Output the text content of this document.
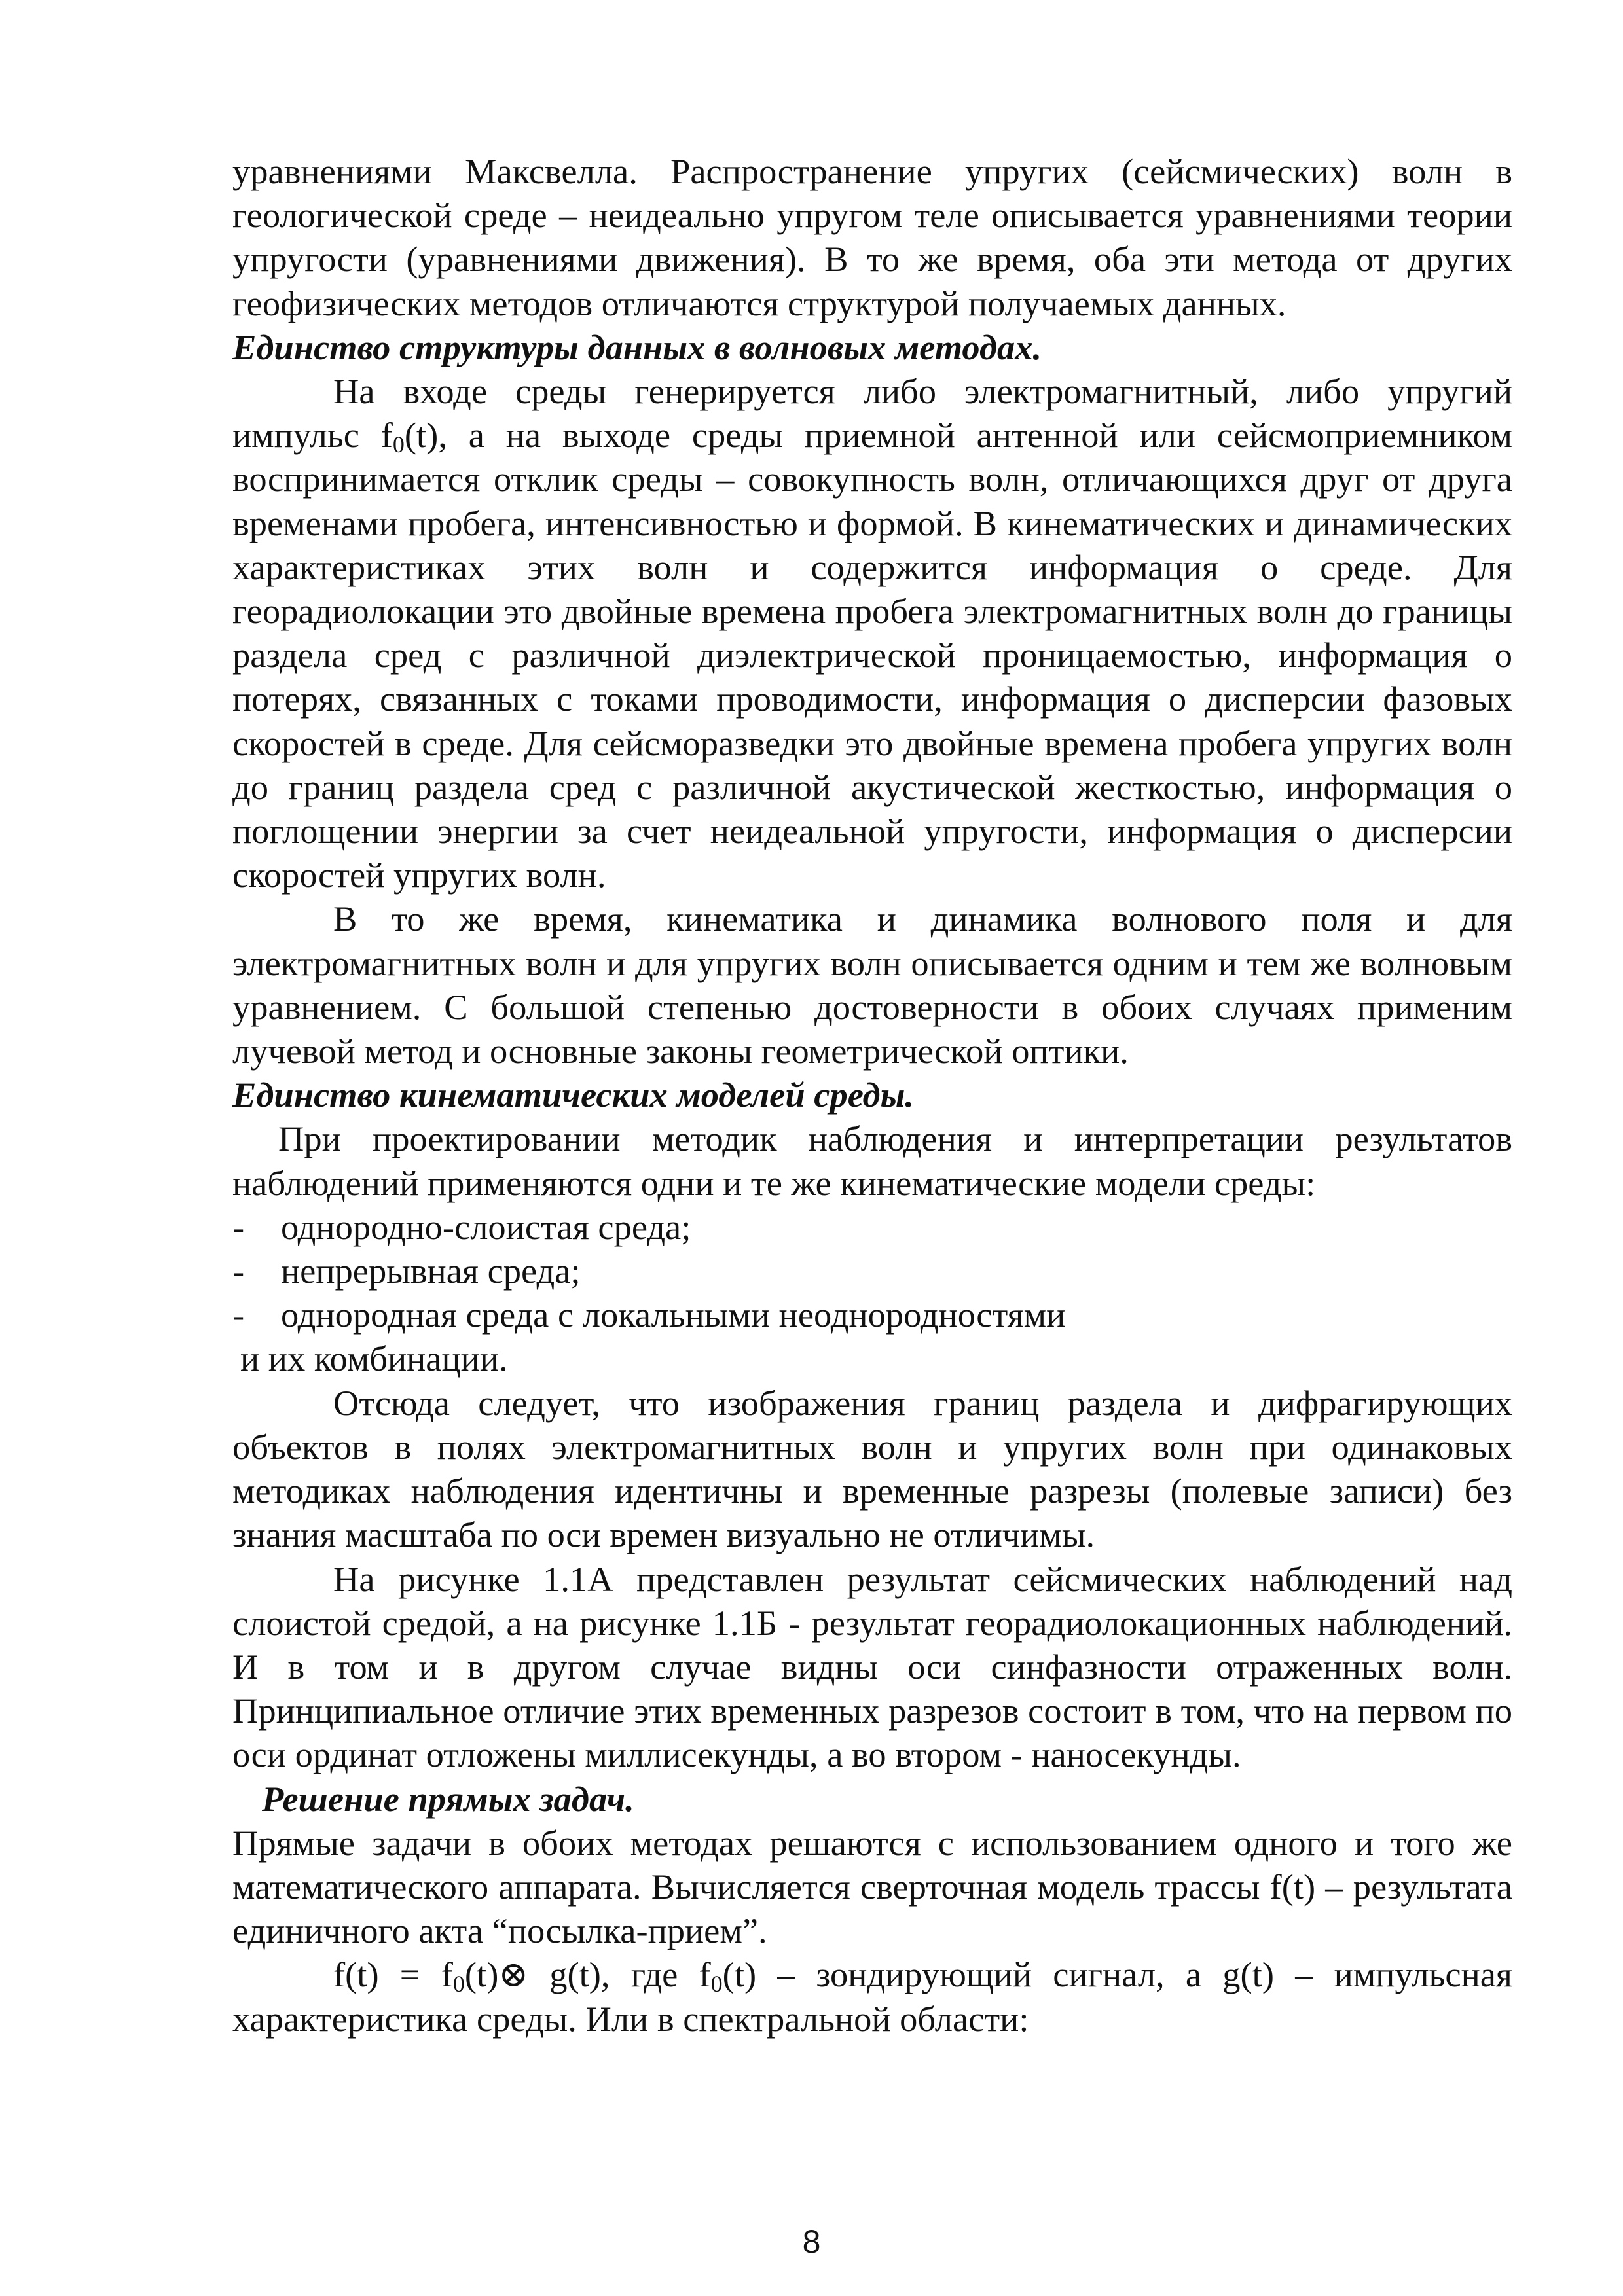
уравнениями Максвелла. Распространение упругих (сейсмических) волн в геологической среде – неидеально упругом теле описывается уравнениями теории упругости (уравнениями движения). В то же время, оба эти метода от других геофизических методов отличаются структурой получаемых данных.

Единство структуры данных в волновых методах.

На входе среды генерируется либо электромагнитный, либо упругий импульс $f_0(t)$, а на выходе среды приемной антенной или сейсмоприемником воспринимается отклик среды – совокупность волн, отличающихся друг от друга временами пробега, интенсивностью и формой. В кинематических и динамических характеристиках этих волн и содержится информация о среде. Для георадиолокации это двойные времена пробега электромагнитных волн до границы раздела сред с различной диэлектрической проницаемостью, информация о потерях, связанных с токами проводимости, информация о дисперсии фазовых скоростей в среде. Для сейсморазведки это двойные времена пробега упругих волн до границ раздела сред с различной акустической жесткостью, информация о поглощении энергии за счет неидеальной упругости, информация о дисперсии скоростей упругих волн.

В то же время, кинематика и динамика волнового поля и для электромагнитных волн и для упругих волн описывается одним и тем же волновым уравнением. С большой степенью достоверности в обоих случаях применим лучевой метод и основные законы геометрической оптики.

Единство кинематических моделей среды.

При проектировании методик наблюдения и интерпретации результатов наблюдений применяются одни и те же кинематические модели среды:

- однородно-слоистая среда;
- непрерывная среда;
- однородная среда с локальными неоднородностями

и их комбинации.

Отсюда следует, что изображения границ раздела и дифрагирующих объектов в полях электромагнитных волн и упругих волн при одинаковых методиках наблюдения идентичны и временные разрезы (полевые записи) без знания масштаба по оси времен визуально не отличимы.

На рисунке 1.1А представлен результат сейсмических наблюдений над слоистой средой, а на рисунке 1.1Б - результат георадиолокационных наблюдений. И в том и в другом случае видны оси синфазности отраженных волн. Принципиальное отличие этих временных разрезов состоит в том, что на первом по оси ординат отложены миллисекунды, а во втором - наносекунды.

Решение прямых задач.

Прямые задачи в обоих методах решаются с использованием одного и того же математического аппарата. Вычисляется сверточная модель трассы f(t) – результата единичного акта “посылка-прием”.

$f(t) = f_0(t)\otimes$ g(t), где $f_0(t)$ – зондирующий сигнал, а g(t) – импульсная характеристика среды. Или в спектральной области:

8
